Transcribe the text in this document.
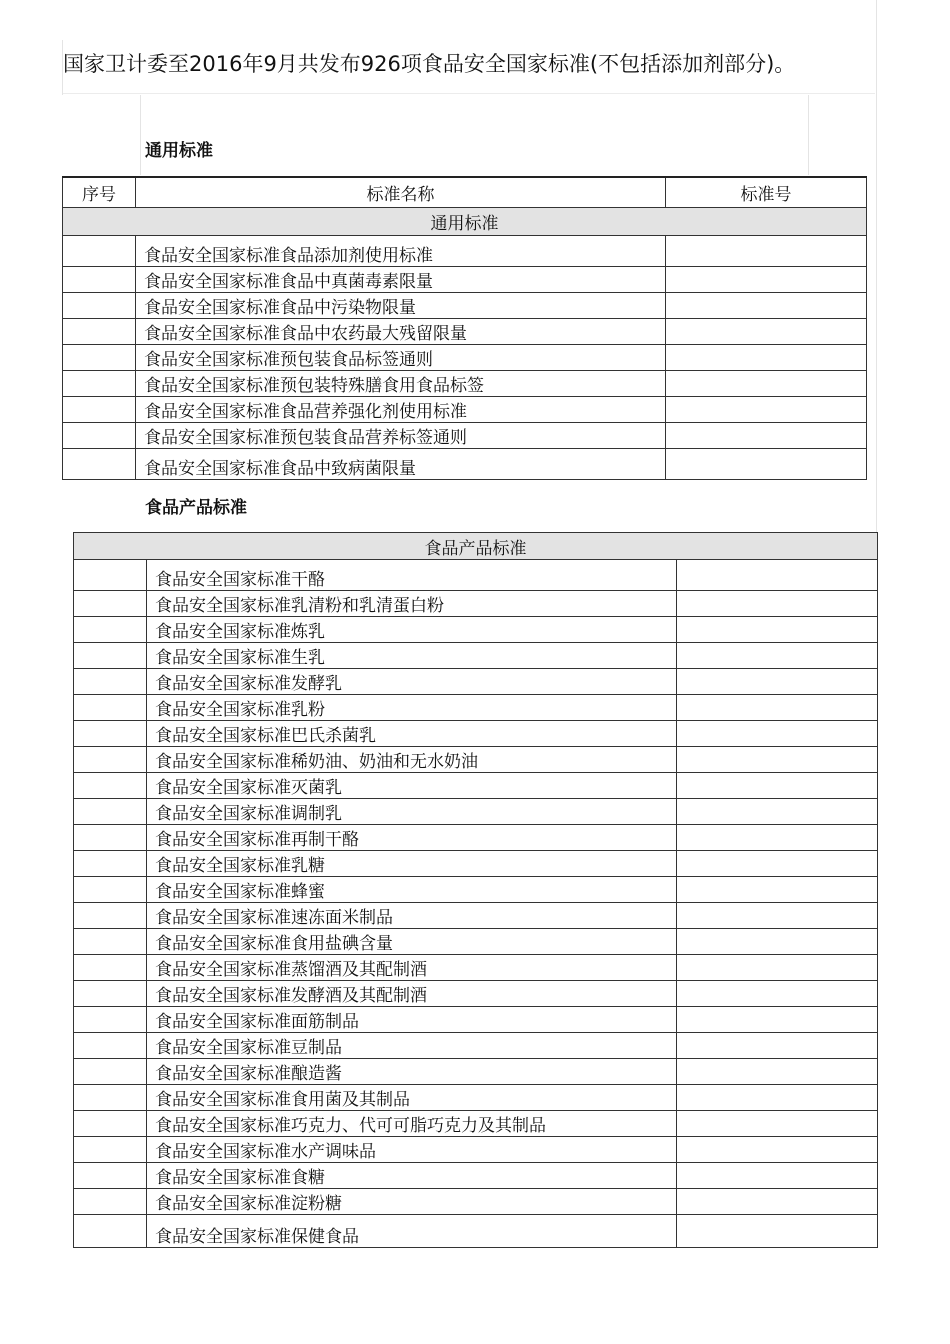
国家卫计委至2016年9月共发布926项食品安全国家标准(不包括添加剂部分)。
通用标准
序号	标准名称	标准号
通用标准		
	食品安全国家标准食品添加剂使用标准	
	食品安全国家标准食品中真菌毒素限量	
	食品安全国家标准食品中污染物限量	
	食品安全国家标准食品中农药最大残留限量	
	食品安全国家标准预包装食品标签通则	
	食品安全国家标准预包装特殊膳食用食品标签	
	食品安全国家标准食品营养强化剂使用标准	
	食品安全国家标准预包装食品营养标签通则	
	食品安全国家标准食品中致病菌限量	
食品产品标准
食品产品标准		
	食品安全国家标准干酪	
	食品安全国家标准乳清粉和乳清蛋白粉	
	食品安全国家标准炼乳	
	食品安全国家标准生乳	
	食品安全国家标准发酵乳	
	食品安全国家标准乳粉	
	食品安全国家标准巴氏杀菌乳	
	食品安全国家标准稀奶油、奶油和无水奶油	
	食品安全国家标准灭菌乳	
	食品安全国家标准调制乳	
	食品安全国家标准再制干酪	
	食品安全国家标准乳糖	
	食品安全国家标准蜂蜜	
	食品安全国家标准速冻面米制品	
	食品安全国家标准食用盐碘含量	
	食品安全国家标准蒸馏酒及其配制酒	
	食品安全国家标准发酵酒及其配制酒	
	食品安全国家标准面筋制品	
	食品安全国家标准豆制品	
	食品安全国家标准酿造酱	
	食品安全国家标准食用菌及其制品	
	食品安全国家标准巧克力、代可可脂巧克力及其制品	
	食品安全国家标准水产调味品	
	食品安全国家标准食糖	
	食品安全国家标准淀粉糖	
	食品安全国家标准保健食品	
